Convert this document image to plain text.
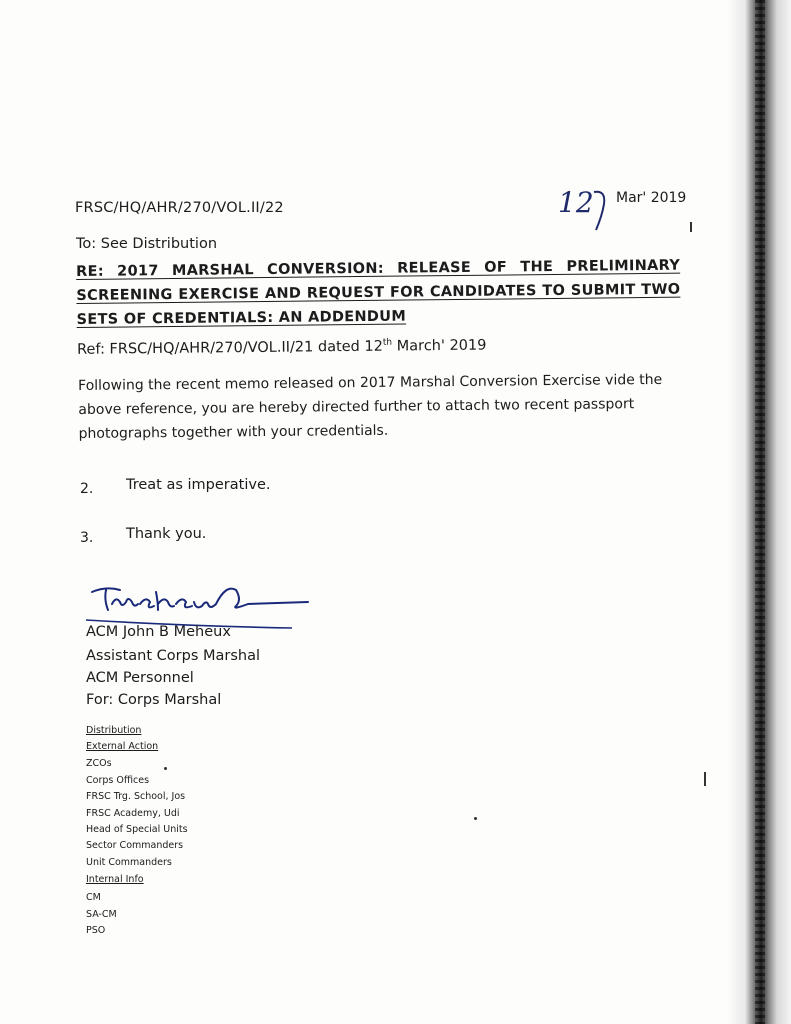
FRSC/HQ/AHR/270/VOL.II/22	12 Mar' 2019
To: See Distribution
RE: 2017 MARSHAL CONVERSION: RELEASE OF THE PRELIMINARY SCREENING EXERCISE AND REQUEST FOR CANDIDATES TO SUBMIT TWO SETS OF CREDENTIALS: AN ADDENDUM
Ref: FRSC/HQ/AHR/270/VOL.II/21 dated 12th March' 2019
Following the recent memo released on 2017 Marshal Conversion Exercise vide the above reference, you are hereby directed further to attach two recent passport photographs together with your credentials.
2. Treat as imperative.
3. Thank you.
ACM John B Meheux
Assistant Corps Marshal
ACM Personnel
For: Corps Marshal
Distribution
External Action
ZCOs
Corps Offices
FRSC Trg. School, Jos
FRSC Academy, Udi
Head of Special Units
Sector Commanders
Unit Commanders
Internal Info
CM
SA-CM
PSO
